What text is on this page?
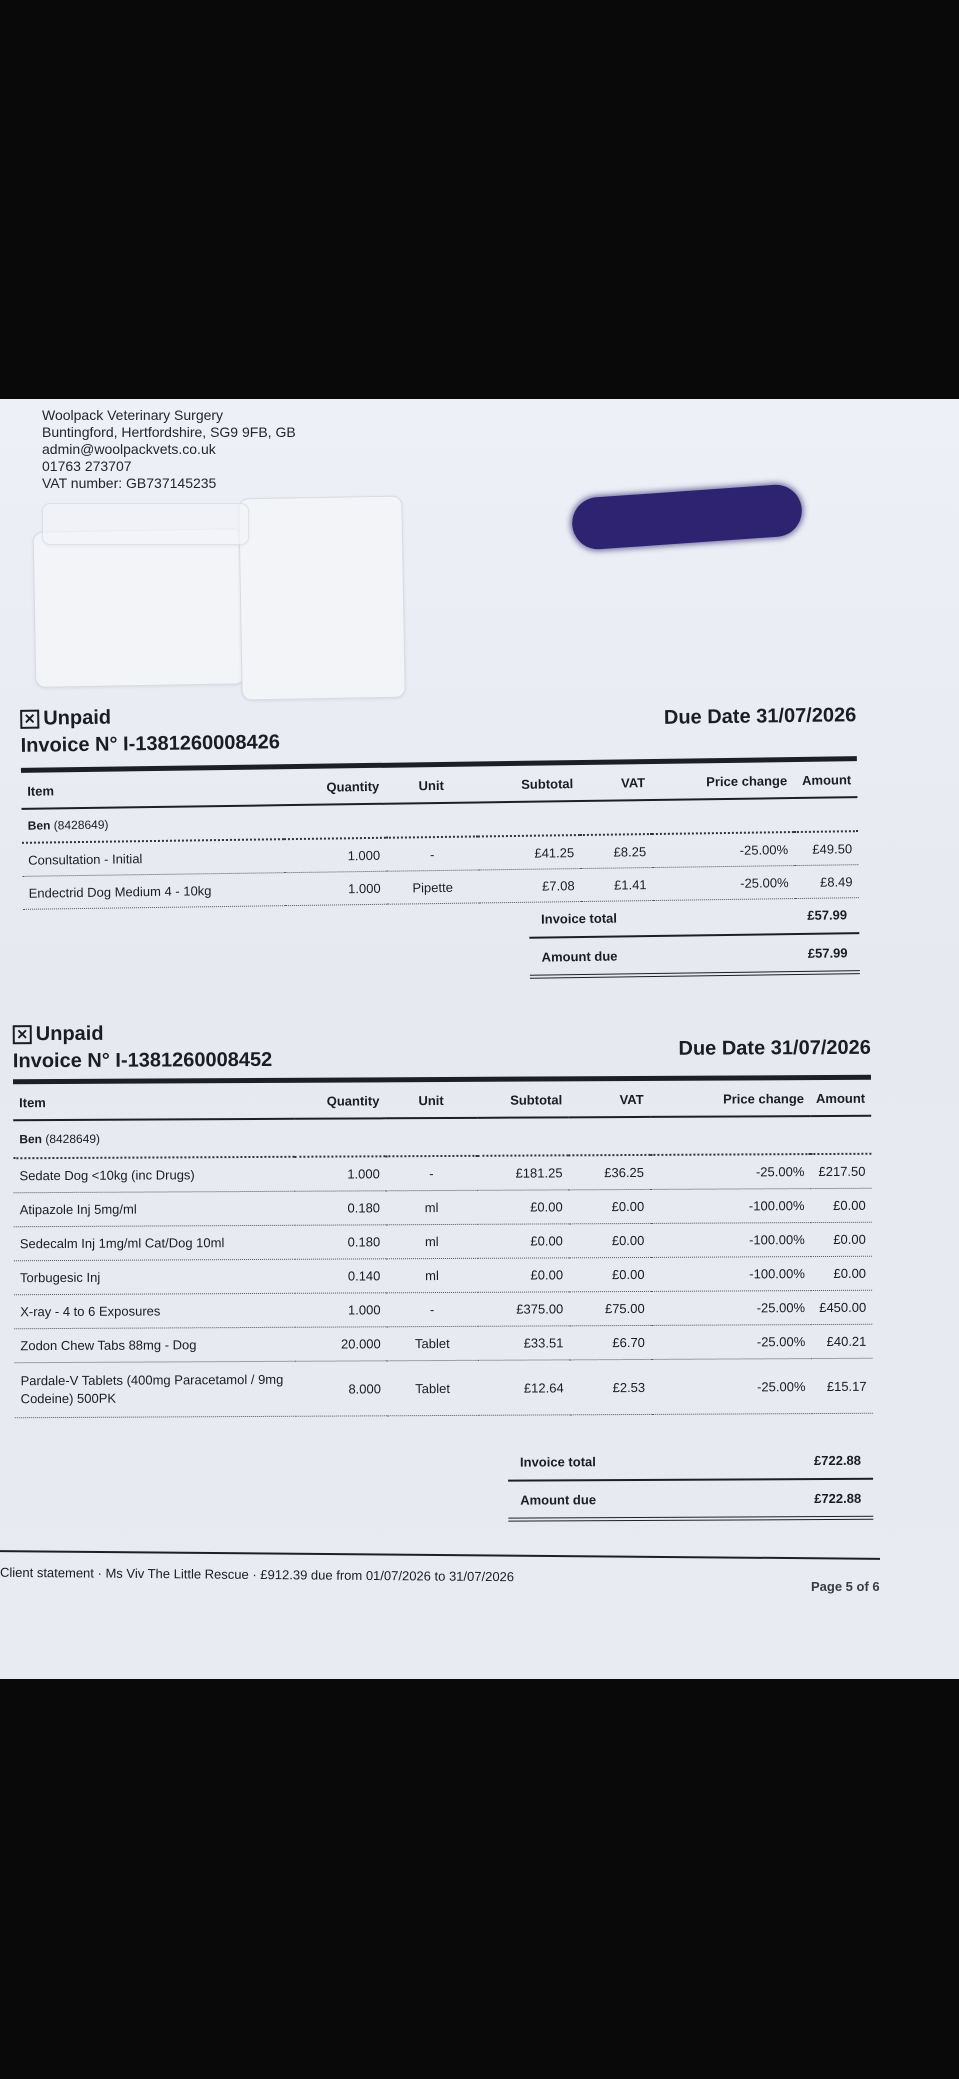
Woolpack Veterinary Surgery
Buntingford, Hertfordshire, SG9 9FB, GB
admin@woolpackvets.co.uk
01763 273707
VAT number: GB737145235
✕ Unpaid
Invoice N° I-1381260008426
Due Date 31/07/2026
Item	Quantity	Unit	Subtotal	VAT	Price change	Amount
Ben (8428649)						
Consultation - Initial	1.000	-	£41.25	£8.25	-25.00%	£49.50
Endectrid Dog Medium 4 - 10kg	1.000	Pipette	£7.08	£1.41	-25.00%	£8.49
Invoice total	£57.99
Amount due	£57.99
✕ Unpaid
Invoice N° I-1381260008452
Due Date 31/07/2026
Item	Quantity	Unit	Subtotal	VAT	Price change	Amount
Ben (8428649)						
Sedate Dog <10kg (inc Drugs)	1.000	-	£181.25	£36.25	-25.00%	£217.50
Atipazole Inj 5mg/ml	0.180	ml	£0.00	£0.00	-100.00%	£0.00
Sedecalm Inj 1mg/ml Cat/Dog 10ml	0.180	ml	£0.00	£0.00	-100.00%	£0.00
Torbugesic Inj	0.140	ml	£0.00	£0.00	-100.00%	£0.00
X-ray - 4 to 6 Exposures	1.000	-	£375.00	£75.00	-25.00%	£450.00
Zodon Chew Tabs 88mg - Dog	20.000	Tablet	£33.51	£6.70	-25.00%	£40.21
Pardale-V Tablets (400mg Paracetamol / 9mg Codeine) 500PK	8.000	Tablet	£12.64	£2.53	-25.00%	£15.17
Invoice total	£722.88
Amount due	£722.88
Client statement · Ms Viv The Little Rescue · £912.39 due from 01/07/2026 to 31/07/2026
Page 5 of 6
